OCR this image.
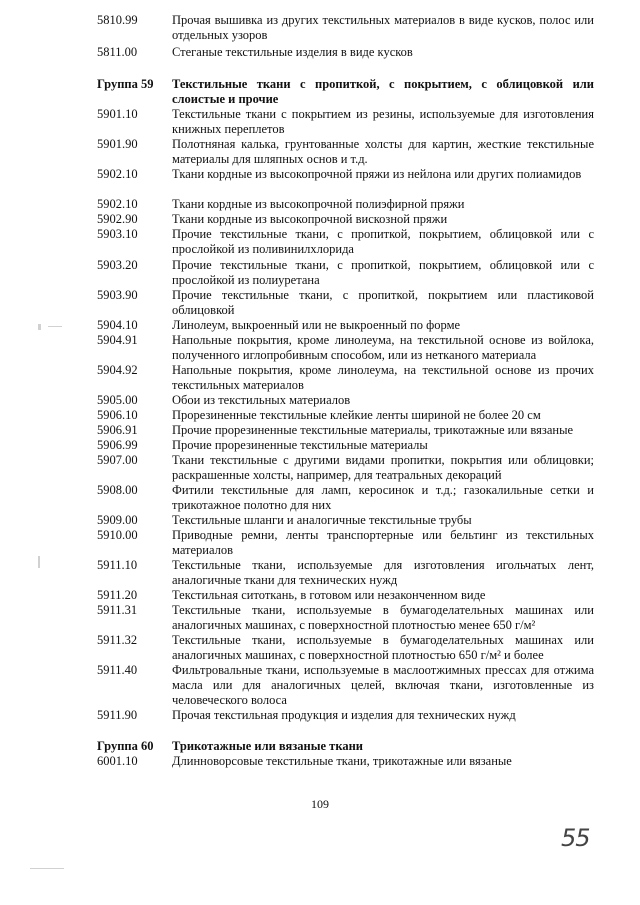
5810.99	Прочая вышивка из других текстильных материалов в виде кусков, полос или отдельных узоров
5811.00	Стеганые текстильные изделия в виде кусков
Группа 59	Текстильные ткани с пропиткой, с покрытием, с облицовкой или слоистые и прочие
5901.10	Текстильные ткани с покрытием из резины, используемые для изготовления книжных переплетов
5901.90	Полотняная калька, грунтованные холсты для картин, жесткие текстильные материалы для шляпных основ и т.д.
5902.10	Ткани кордные из высокопрочной пряжи из нейлона или других полиамидов
5902.10	Ткани кордные из высокопрочной полиэфирной пряжи
5902.90	Ткани кордные из высокопрочной вискозной пряжи
5903.10	Прочие текстильные ткани, с пропиткой, покрытием, облицовкой или с прослойкой из поливинилхлорида
5903.20	Прочие текстильные ткани, с пропиткой, покрытием, облицовкой или с прослойкой из полиуретана
5903.90	Прочие текстильные ткани, с пропиткой, покрытием или пластиковой облицовкой
5904.10	Линолеум, выкроенный или не выкроенный по форме
5904.91	Напольные покрытия, кроме линолеума, на текстильной основе из войлока, полученного иглопробивным способом, или из нетканого материала
5904.92	Напольные покрытия, кроме линолеума, на текстильной основе из прочих текстильных материалов
5905.00	Обои из текстильных материалов
5906.10	Прорезиненные текстильные клейкие ленты шириной не более 20 см
5906.91	Прочие прорезиненные текстильные материалы, трикотажные или вязаные
5906.99	Прочие прорезиненные текстильные материалы
5907.00	Ткани текстильные с другими видами пропитки, покрытия или облицовки; раскрашенные холсты, например, для театральных декораций
5908.00	Фитили текстильные для ламп, керосинок и т.д.; газокалильные сетки и трикотажное полотно для них
5909.00	Текстильные шланги и аналогичные текстильные трубы
5910.00	Приводные ремни, ленты транспортерные или бельтинг из текстильных материалов
5911.10	Текстильные ткани, используемые для изготовления игольчатых лент, аналогичные ткани для технических нужд
5911.20	Текстильная ситоткань, в готовом или незаконченном виде
5911.31	Текстильные ткани, используемые в бумагоделательных машинах или аналогичных машинах, с поверхностной плотностью менее 650 г/м²
5911.32	Текстильные ткани, используемые в бумагоделательных машинах или аналогичных машинах, с поверхностной плотностью 650 г/м² и более
5911.40	Фильтровальные ткани, используемые в маслоотжимных прессах для отжима масла или для аналогичных целей, включая ткани, изготовленные из человеческого волоса
5911.90	Прочая текстильная продукция и изделия для технических нужд
Группа 60	Трикотажные или вязаные ткани
6001.10	Длинноворсовые текстильные ткани, трикотажные или вязаные
109
55
